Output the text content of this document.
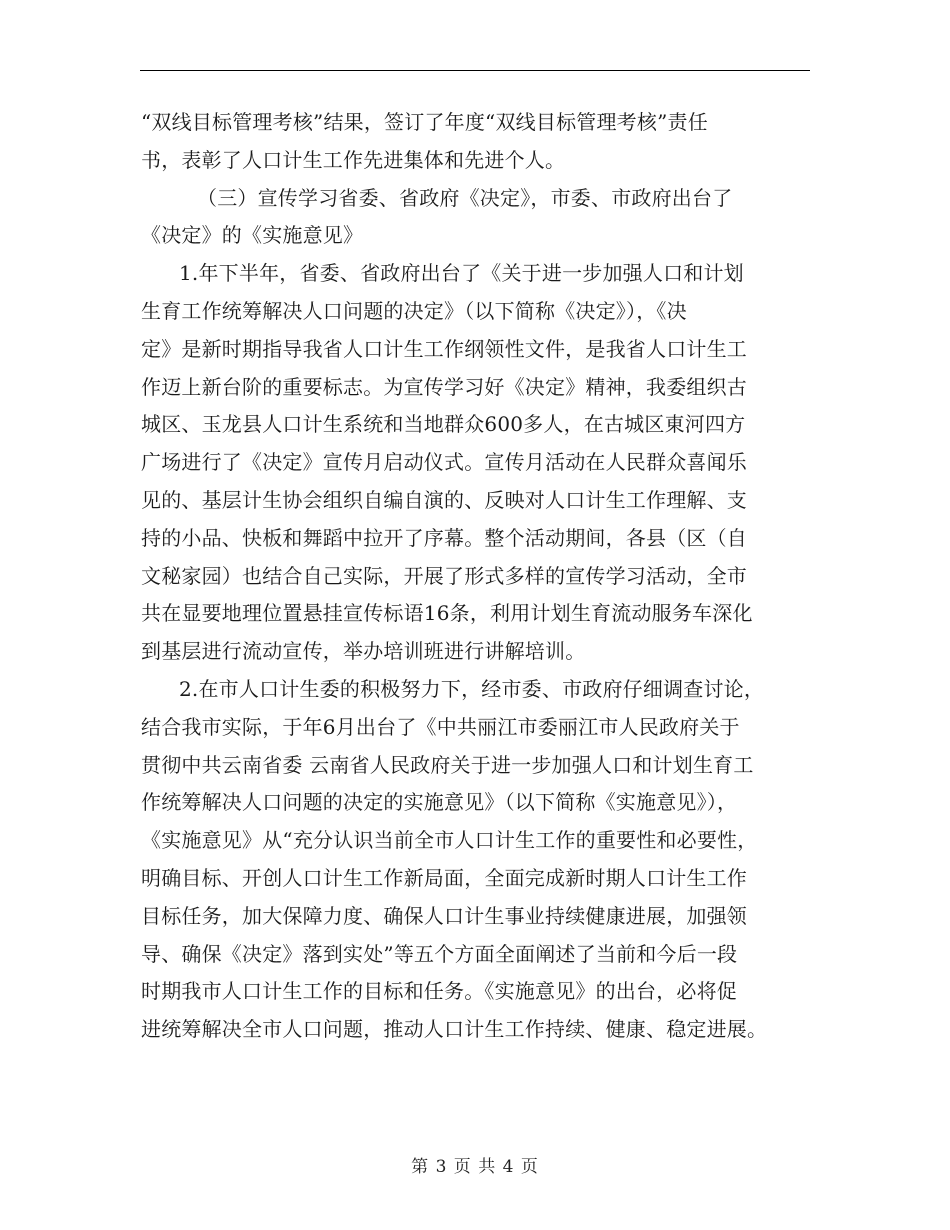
“双线目标管理考核”结果，签订了年度“双线目标管理考核”责任
书，表彰了人口计生工作先进集体和先进个人。
（三）宣传学习省委、省政府《决定》，市委、市政府出台了
《决定》的《实施意见》
1.年下半年，省委、省政府出台了《关于进一步加强人口和计划
生育工作统筹解决人口问题的决定》（以下简称《决定》），《决
定》是新时期指导我省人口计生工作纲领性文件，是我省人口计生工
作迈上新台阶的重要标志。为宣传学习好《决定》精神，我委组织古
城区、玉龙县人口计生系统和当地群众600多人，在古城区東河四方
广场进行了《决定》宣传月启动仪式。宣传月活动在人民群众喜闻乐
见的、基层计生协会组织自编自演的、反映对人口计生工作理解、支
持的小品、快板和舞蹈中拉开了序幕。整个活动期间，各县（区（自
文秘家园）也结合自己实际，开展了形式多样的宣传学习活动，全市
共在显要地理位置悬挂宣传标语16条，利用计划生育流动服务车深化
到基层进行流动宣传，举办培训班进行讲解培训。
2.在市人口计生委的积极努力下，经市委、市政府仔细调查讨论，
结合我市实际，于年6月出台了《中共丽江市委丽江市人民政府关于
贯彻中共云南省委 云南省人民政府关于进一步加强人口和计划生育工
作统筹解决人口问题的决定的实施意见》（以下简称《实施意见》），
《实施意见》从“充分认识当前全市人口计生工作的重要性和必要性，
明确目标、开创人口计生工作新局面，全面完成新时期人口计生工作
目标任务，加大保障力度、确保人口计生事业持续健康进展，加强领
导、确保《决定》落到实处”等五个方面全面阐述了当前和今后一段
时期我市人口计生工作的目标和任务。《实施意见》的出台，必将促
进统筹解决全市人口问题，推动人口计生工作持续、健康、稳定进展。
第 3 页 共 4 页
